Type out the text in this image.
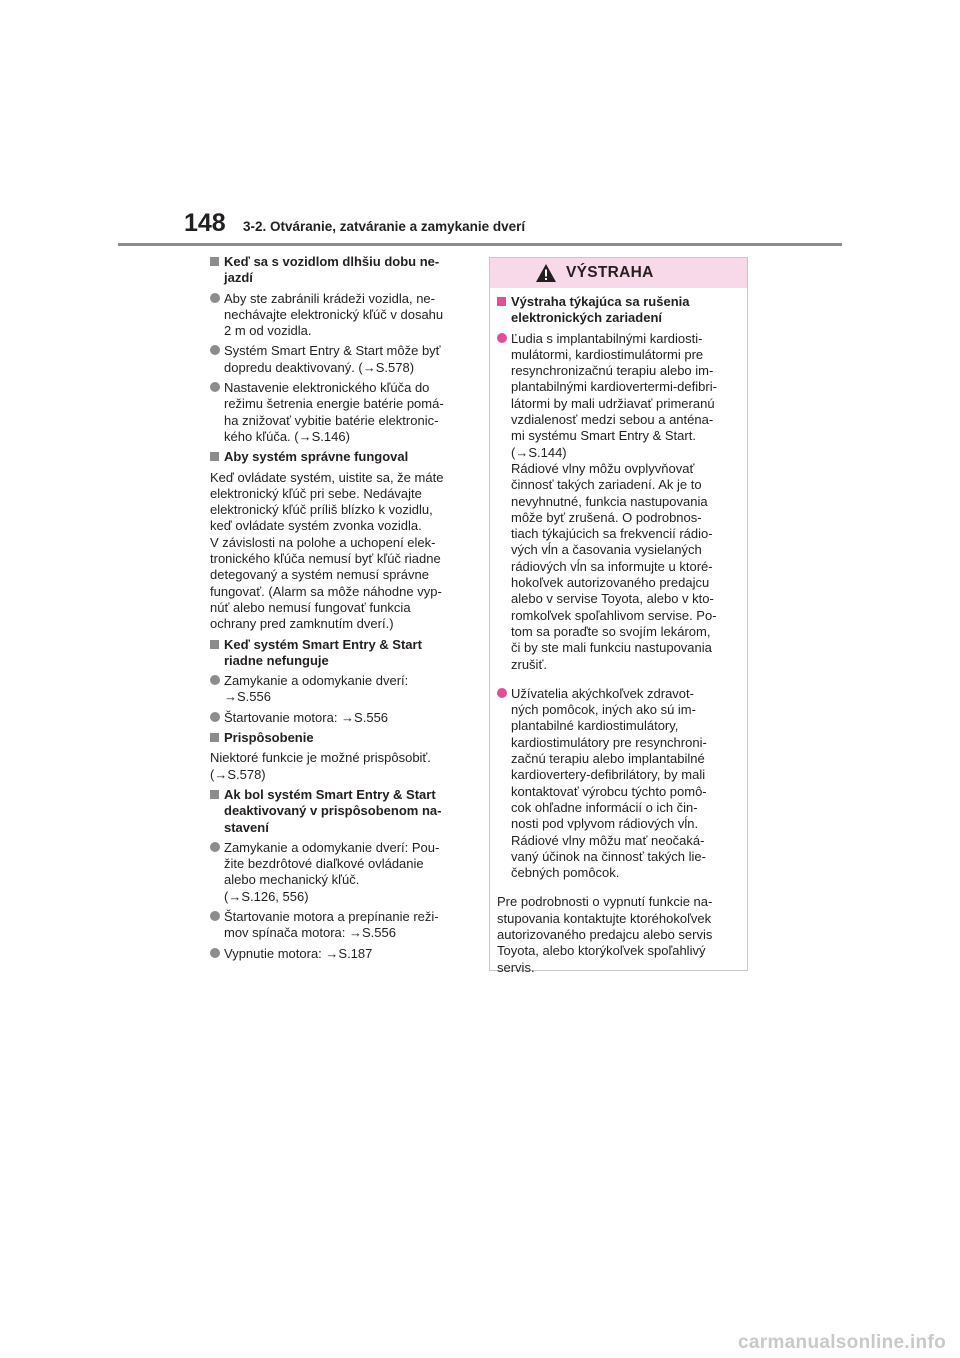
148 3-2. Otváranie, zatváranie a zamykanie dverí

Keď sa s vozidlom dlhšiu dobu ne-
jazdí
Aby ste zabránili krádeži vozidla, ne-
nechávajte elektronický kľúč v dosahu
2 m od vozidla.
Systém Smart Entry & Start môže byť
dopredu deaktivovaný. (→S.578)
Nastavenie elektronického kľúča do
režimu šetrenia energie batérie pomá-
ha znižovať vybitie batérie elektronic-
kého kľúča. (→S.146)
Aby systém správne fungoval
Keď ovládate systém, uistite sa, že máte
elektronický kľúč pri sebe. Nedávajte
elektronický kľúč príliš blízko k vozidlu,
keď ovládate systém zvonka vozidla.
V závislosti na polohe a uchopení elek-
tronického kľúča nemusí byť kľúč riadne
detegovaný a systém nemusí správne
fungovať. (Alarm sa môže náhodne vyp-
núť alebo nemusí fungovať funkcia
ochrany pred zamknutím dverí.)
Keď systém Smart Entry & Start
riadne nefunguje
Zamykanie a odomykanie dverí:
→S.556
Štartovanie motora: →S.556
Prispôsobenie
Niektoré funkcie je možné prispôsobiť.
(→S.578)
Ak bol systém Smart Entry & Start
deaktivovaný v prispôsobenom na-
stavení
Zamykanie a odomykanie dverí: Pou-
žite bezdrôtové diaľkové ovládanie
alebo mechanický kľúč.
(→S.126, 556)
Štartovanie motora a prepínanie reži-
mov spínača motora: →S.556
Vypnutie motora: →S.187
VÝSTRAHA
Výstraha týkajúca sa rušenia
elektronických zariadení
Ľudia s implantabilnými kardiosti-
mulátormi, kardiostimulátormi pre
resynchronizačnú terapiu alebo im-
plantabilnými kardiovertermi-defibri-
látormi by mali udržiavať primeranú
vzdialenosť medzi sebou a anténa-
mi systému Smart Entry & Start.
(→S.144)
Rádiové vlny môžu ovplyvňovať
činnosť takých zariadení. Ak je to
nevyhnutné, funkcia nastupovania
môže byť zrušená. O podrobnos-
tiach týkajúcich sa frekvencií rádio-
vých vĺn a časovania vysielaných
rádiových vĺn sa informujte u ktoré-
hokoľvek autorizovaného predajcu
alebo v servise Toyota, alebo v kto-
romkoľvek spoľahlivom servise. Po-
tom sa poraďte so svojím lekárom,
či by ste mali funkciu nastupovania
zrušiť.
Užívatelia akýchkoľvek zdravot-
ných pomôcok, iných ako sú im-
plantabilné kardiostimulátory,
kardiostimulátory pre resynchroni-
začnú terapiu alebo implantabilné
kardiovertery-defibrilátory, by mali
kontaktovať výrobcu týchto pomô-
cok ohľadne informácií o ich čin-
nosti pod vplyvom rádiových vĺn.
Rádiové vlny môžu mať neočaká-
vaný účinok na činnosť takých lie-
čebných pomôcok.
Pre podrobnosti o vypnutí funkcie na-
stupovania kontaktujte ktoréhokoľvek
autorizovaného predajcu alebo servis
Toyota, alebo ktorýkoľvek spoľahlivý
servis.
carmanualsonline.info
